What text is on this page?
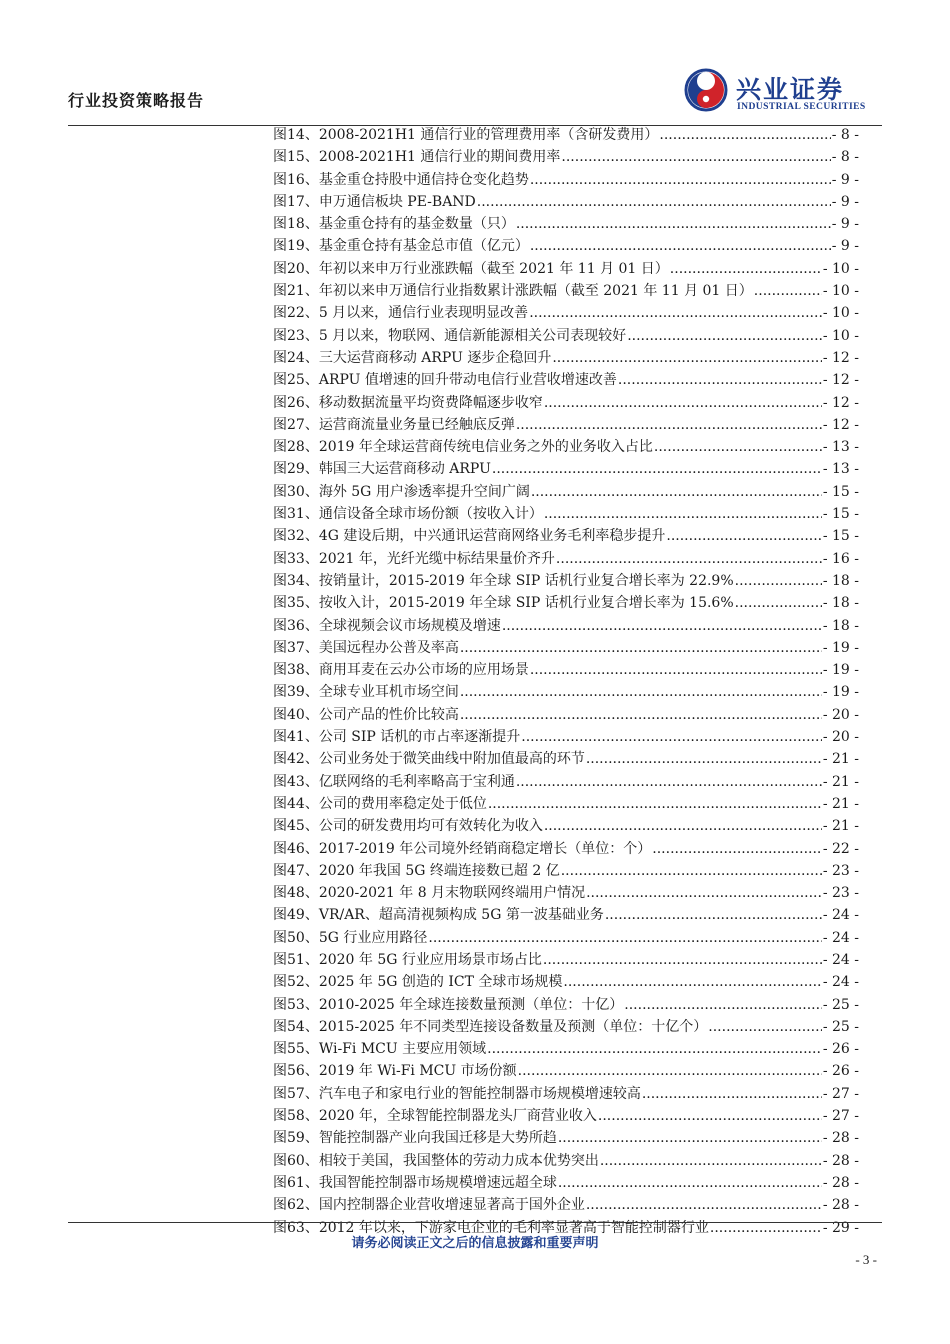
行业投资策略报告	兴业证券
INDUSTRIAL SECURITIES
图 14、 2008-2021H1 通信行业的管理费用率（含研发费用） .....	- 8 -
图 15、 2008-2021H1 通信行业的期间费用率 .....	- 8 -
图 16、 基金重仓持股中通信持仓变化趋势 .....	- 9 -
图 17、 申万通信板块 PE-BAND .....	- 9 -
图 18、 基金重仓持有的基金数量（只） .....	- 9 -
图 19、 基金重仓持有基金总市值（亿元） .....	- 9 -
图 20、 年初以来申万行业涨跌幅（截至 2021 年 11 月 01 日） .....	- 10 -
图 21、 年初以来申万通信行业指数累计涨跌幅（截至 2021 年 11 月 01 日） .....	- 10 -
图 22、 5 月以来，通信行业表现明显改善 .....	- 10 -
图 23、 5 月以来，物联网、通信新能源相关公司表现较好 .....	- 10 -
图 24、 三大运营商移动 ARPU 逐步企稳回升 .....	- 12 -
图 25、 ARPU 值增速的回升带动电信行业营收增速改善 .....	- 12 -
图 26、 移动数据流量平均资费降幅逐步收窄 .....	- 12 -
图 27、 运营商流量业务量已经触底反弹 .....	- 12 -
图 28、 2019 年全球运营商传统电信业务之外的业务收入占比 .....	- 13 -
图 29、 韩国三大运营商移动 ARPU .....	- 13 -
图 30、 海外 5G 用户渗透率提升空间广阔 .....	- 15 -
图 31、 通信设备全球市场份额（按收入计） .....	- 15 -
图 32、 4G 建设后期，中兴通讯运营商网络业务毛利率稳步提升 .....	- 15 -
图 33、 2021 年，光纤光缆中标结果量价齐升 .....	- 16 -
图 34、 按销量计，2015-2019 年全球 SIP 话机行业复合增长率为 22.9% .....	- 18 -
图 35、 按收入计，2015-2019 年全球 SIP 话机行业复合增长率为 15.6% .....	- 18 -
图 36、 全球视频会议市场规模及增速 .....	- 18 -
图 37、 美国远程办公普及率高 .....	- 19 -
图 38、 商用耳麦在云办公市场的应用场景 .....	- 19 -
图 39、 全球专业耳机市场空间 .....	- 19 -
图 40、 公司产品的性价比较高 .....	- 20 -
图 41、 公司 SIP 话机的市占率逐渐提升 .....	- 20 -
图 42、 公司业务处于微笑曲线中附加值最高的环节 .....	- 21 -
图 43、 亿联网络的毛利率略高于宝利通 .....	- 21 -
图 44、 公司的费用率稳定处于低位 .....	- 21 -
图 45、 公司的研发费用均可有效转化为收入 .....	- 21 -
图 46、 2017-2019 年公司境外经销商稳定增长（单位：个） .....	- 22 -
图 47、 2020 年我国 5G 终端连接数已超 2 亿 .....	- 23 -
图 48、 2020-2021 年 8 月末物联网终端用户情况 .....	- 23 -
图 49、 VR/AR、超高清视频构成 5G 第一波基础业务 .....	- 24 -
图 50、 5G 行业应用路径 .....	- 24 -
图 51、 2020 年 5G 行业应用场景市场占比 .....	- 24 -
图 52、 2025 年 5G 创造的 ICT 全球市场规模 .....	- 24 -
图 53、 2010-2025 年全球连接数量预测（单位：十亿） .....	- 25 -
图 54、 2015-2025 年不同类型连接设备数量及预测（单位：十亿个） .....	- 25 -
图 55、 Wi-Fi MCU 主要应用领域 .....	- 26 -
图 56、 2019 年 Wi-Fi MCU 市场份额 .....	- 26 -
图 57、 汽车电子和家电行业的智能控制器市场规模增速较高 .....	- 27 -
图 58、 2020 年，全球智能控制器龙头厂商营业收入 .....	- 27 -
图 59、 智能控制器产业向我国迁移是大势所趋 .....	- 28 -
图 60、 相较于美国，我国整体的劳动力成本优势突出 .....	- 28 -
图 61、 我国智能控制器市场规模增速远超全球 .....	- 28 -
图 62、 国内控制器企业营收增速显著高于国外企业 .....	- 28 -
图 63、 2012 年以来，下游家电企业的毛利率显著高于智能控制器行业 .....	- 29 -
请务必阅读正文之后的信息披露和重要声明
- 3 -
